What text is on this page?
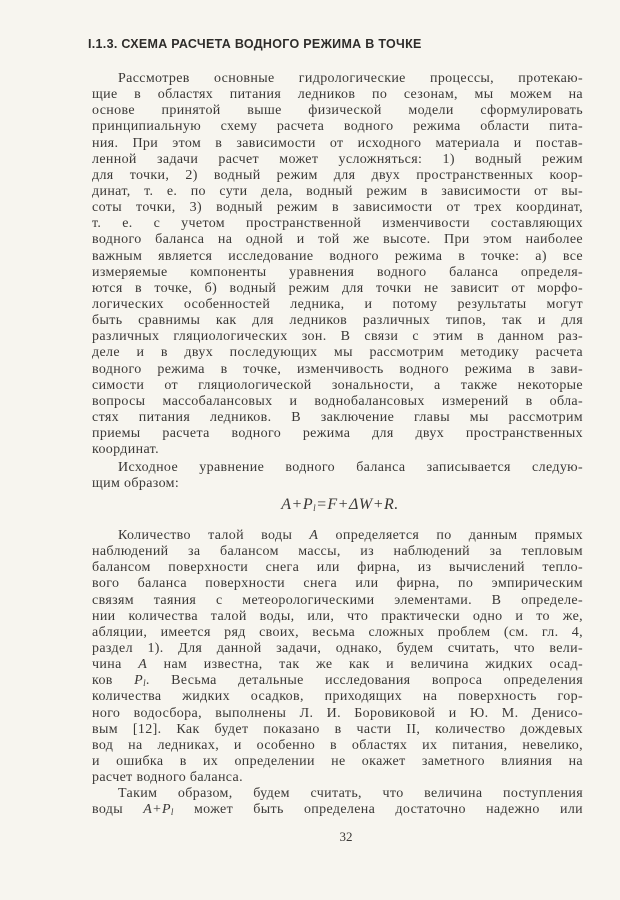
I.1.3. СХЕМА РАСЧЕТА ВОДНОГО РЕЖИМА В ТОЧКЕ
Рассмотрев основные гидрологические процессы, протекаю-
щие в областях питания ледников по сезонам, мы можем на
основе принятой выше физической модели сформулировать
принципиальную схему расчета водного режима области пита-
ния. При этом в зависимости от исходного материала и постав-
ленной задачи расчет может усложняться: 1) водный режим
для точки, 2) водный режим для двух пространственных коор-
динат, т. е. по сути дела, водный режим в зависимости от вы-
соты точки, 3) водный режим в зависимости от трех координат,
т. е. с учетом пространственной изменчивости составляющих
водного баланса на одной и той же высоте. При этом наиболее
важным является исследование водного режима в точке: а) все
измеряемые компоненты уравнения водного баланса определя-
ются в точке, б) водный режим для точки не зависит от морфо-
логических особенностей ледника, и потому результаты могут
быть сравнимы как для ледников различных типов, так и для
различных гляциологических зон. В связи с этим в данном раз-
деле и в двух последующих мы рассмотрим методику расчета
водного режима в точке, изменчивость водного режима в зави-
симости от гляциологической зональности, а также некоторые
вопросы массобалансовых и воднобалансовых измерений в обла-
стях питания ледников. В заключение главы мы рассмотрим
приемы расчета водного режима для двух пространственных
координат.
Исходное уравнение водного баланса записывается следую-
щим образом:
$A+P_l=F+\Delta W+R$.
Количество талой воды A определяется по данным прямых
наблюдений за балансом массы, из наблюдений за тепловым
балансом поверхности снега или фирна, из вычислений тепло-
вого баланса поверхности снега или фирна, по эмпирическим
связям таяния с метеорологическими элементами. В определе-
нии количества талой воды, или, что практически одно и то же,
абляции, имеется ряд своих, весьма сложных проблем (см. гл. 4,
раздел 1). Для данной задачи, однако, будем считать, что вели-
чина A нам известна, так же как и величина жидких осад-
ков $P_l$. Весьма детальные исследования вопроса определения
количества жидких осадков, приходящих на поверхность гор-
ного водосбора, выполнены Л. И. Боровиковой и Ю. М. Денисо-
вым [12]. Как будет показано в части II, количество дождевых
вод на ледниках, и особенно в областях их питания, невелико,
и ошибка в их определении не окажет заметного влияния на
расчет водного баланса.
Таким образом, будем считать, что величина поступления
воды $A+P_l$ может быть определена достаточно надежно или
32
